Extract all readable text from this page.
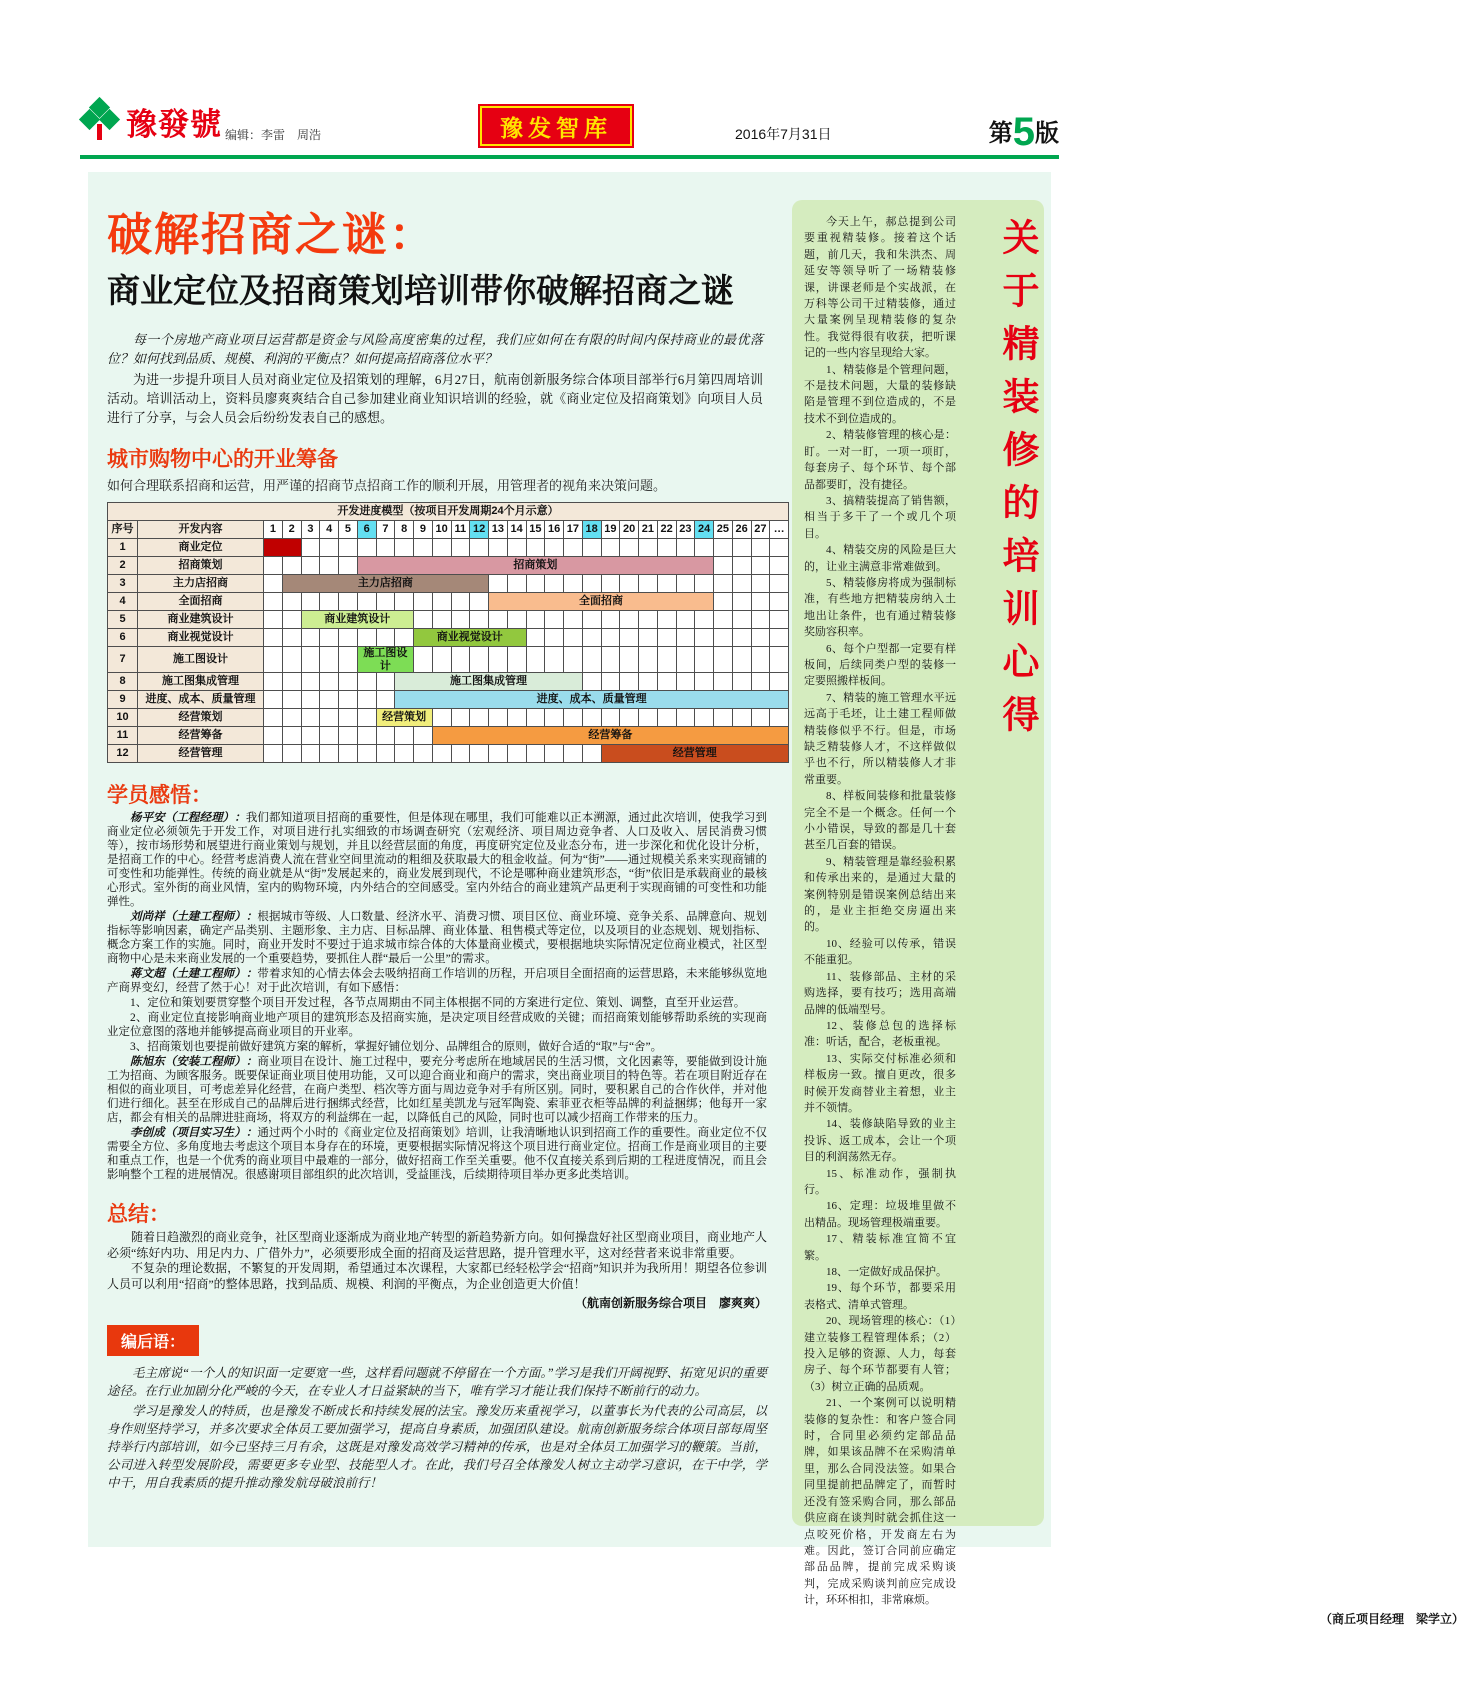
豫發號 编辑：李雷　周浩	豫发智库	2016年7月31日	第5版
破解招商之谜：
商业定位及招商策划培训带你破解招商之谜

每一个房地产商业项目运营都是资金与风险高度密集的过程，我们应如何在有限的时间内保持商业的最优落位？如何找到品质、规模、利润的平衡点？如何提高招商落位水平？

为进一步提升项目人员对商业定位及招策划的理解，6月27日，航南创新服务综合体项目部举行6月第四周培训活动。培训活动上，资料员廖爽爽结合自己参加建业商业知识培训的经验，就《商业定位及招商策划》向项目人员进行了分享，与会人员会后纷纷发表自己的感想。

城市购物中心的开业筹备

如何合理联系招商和运营，用严谨的招商节点招商工作的顺利开展，用管理者的视角来决策问题。

开发进度模型（按项目开发周期24个月示意）																													
序号	开发内容	1	2	3	4	5	6	7	8	9	10	11	12	13	14	15	16	17	18	19	20	21	22	23	24	25	26	27	…
1	商业定位																												
2	招商策划						招商策划																						
3	主力店招商		主力店招商																										
4	全面招商													全面招商															
5	商业建筑设计			商业建筑设计																									
6	商业视觉设计									商业视觉设计																			
7	施工图设计						施工图设计																						
8	施工图集成管理								施工图集成管理																				
9	进度、成本、质量管理								进度、成本、质量管理																				
10	经营策划							经营策划																					
11	经营筹备										经营筹备																		
12	经营管理																			经营管理									
学员感悟：

杨平安（工程经理）：我们都知道项目招商的重要性，但是体现在哪里，我们可能难以正本溯源，通过此次培训，使我学习到商业定位必须领先于开发工作，对项目进行扎实细致的市场调查研究（宏观经济、项目周边竞争者、人口及收入、居民消费习惯等），按市场形势和展望进行商业策划与规划，并且以经营层面的角度，再度研究定位及业态分布，进一步深化和优化设计分析，是招商工作的中心。经营考虑消费人流在营业空间里流动的粗细及获取最大的租金收益。何为“街”——通过规模关系来实现商铺的可变性和功能弹性。传统的商业就是从“街”发展起来的，商业发展到现代，不论是哪种商业建筑形态，“街”依旧是承载商业的最核心形式。室外街的商业风情，室内的购物环境，内外结合的空间感受。室内外结合的商业建筑产品更利于实现商铺的可变性和功能弹性。

刘尚祥（土建工程师）：根据城市等级、人口数量、经济水平、消费习惯、项目区位、商业环境、竞争关系、品牌意向、规划指标等影响因素，确定产品类别、主题形象、主力店、目标品牌、商业体量、租售模式等定位，以及项目的业态规划、规划指标、概念方案工作的实施。同时，商业开发时不要过于追求城市综合体的大体量商业模式，要根据地块实际情况定位商业模式，社区型商物中心是未来商业发展的一个重要趋势，要抓住人群“最后一公里”的需求。

蒋文超（土建工程师）：带着求知的心情去体会去吸纳招商工作培训的历程，开启项目全面招商的运营思路，未来能够纵览地产商界变幻，经营了然于心！对于此次培训，有如下感悟：

1、定位和策划要贯穿整个项目开发过程，各节点周期由不同主体根据不同的方案进行定位、策划、调整，直至开业运营。

2、商业定位直接影响商业地产项目的建筑形态及招商实施，是决定项目经营成败的关键；而招商策划能够帮助系统的实现商业定位意图的落地并能够提高商业项目的开业率。

3、招商策划也要提前做好建筑方案的解析，掌握好铺位划分、品牌组合的原则，做好合适的“取”与“舍”。

陈旭东（安装工程师）：商业项目在设计、施工过程中，要充分考虑所在地域居民的生活习惯，文化因素等，要能做到设计施工为招商、为顾客服务。既要保证商业项目使用功能，又可以迎合商业和商户的需求，突出商业项目的特色等。若在项目附近存在相似的商业项目，可考虑差异化经营，在商户类型、档次等方面与周边竞争对手有所区别。同时，要积累自己的合作伙伴，并对他们进行细化。甚至在形成自己的品牌后进行捆绑式经营，比如红星美凯龙与冠军陶瓷、索菲亚衣柜等品牌的利益捆绑；他每开一家店，都会有相关的品牌进驻商场，将双方的利益绑在一起，以降低自己的风险，同时也可以减少招商工作带来的压力。

李创成（项目实习生）：通过两个小时的《商业定位及招商策划》培训，让我清晰地认识到招商工作的重要性。商业定位不仅需要全方位、多角度地去考虑这个项目本身存在的环境，更要根据实际情况将这个项目进行商业定位。招商工作是商业项目的主要和重点工作，也是一个优秀的商业项目中最难的一部分，做好招商工作至关重要。他不仅直接关系到后期的工程进度情况，而且会影响整个工程的进展情况。很感谢项目部组织的此次培训，受益匪浅，后续期待项目举办更多此类培训。

总结：

随着日趋激烈的商业竞争，社区型商业逐渐成为商业地产转型的新趋势新方向。如何操盘好社区型商业项目，商业地产人必须“练好内功、用足内力、广借外力”，必须要形成全面的招商及运营思路，提升管理水平，这对经营者来说非常重要。

不复杂的理论数据，不繁复的开发周期，希望通过本次课程，大家都已经轻松学会“招商”知识并为我所用！期望各位参训人员可以利用“招商”的整体思路，找到品质、规模、利润的平衡点，为企业创造更大价值！

（航南创新服务综合项目　廖爽爽）

编后语：

毛主席说“一个人的知识面一定要宽一些，这样看问题就不停留在一个方面。”学习是我们开阔视野、拓宽见识的重要途径。在行业加剧分化严峻的今天，在专业人才日益紧缺的当下，唯有学习才能让我们保持不断前行的动力。

学习是豫发人的特质，也是豫发不断成长和持续发展的法宝。豫发历来重视学习，以董事长为代表的公司高层，以身作则坚持学习，并多次要求全体员工要加强学习，提高自身素质，加强团队建设。航南创新服务综合体项目部每周坚持举行内部培训，如今已坚持三月有余，这既是对豫发高效学习精神的传承，也是对全体员工加强学习的鞭策。当前，公司进入转型发展阶段，需要更多专业型、技能型人才。在此，我们号召全体豫发人树立主动学习意识，在干中学，学中干，用自我素质的提升推动豫发航母破浪前行！

今天上午，郝总提到公司要重视精装修。接着这个话题，前几天，我和朱洪杰、周延安等领导听了一场精装修课，讲课老师是个实战派，在万科等公司干过精装修，通过大量案例呈现精装修的复杂性。我觉得很有收获，把听课记的一些内容呈现给大家。

1、精装修是个管理问题，不是技术问题，大量的装修缺陷是管理不到位造成的，不是技术不到位造成的。

2、精装修管理的核心是：盯。一对一盯，一项一项盯，每套房子、每个环节、每个部品都要盯，没有捷径。

3、搞精装提高了销售额，相当于多干了一个或几个项目。

4、精装交房的风险是巨大的，让业主满意非常难做到。

5、精装修房将成为强制标准，有些地方把精装房纳入土地出让条件，也有通过精装修奖励容积率。

6、每个户型都一定要有样板间，后续同类户型的装修一定要照搬样板间。

7、精装的施工管理水平远远高于毛坯，让土建工程师做精装修似乎不行。但是，市场缺乏精装修人才，不这样做似乎也不行，所以精装修人才非常重要。

8、样板间装修和批量装修完全不是一个概念。任何一个小小错误，导致的都是几十套甚至几百套的错误。

9、精装管理是靠经验积累和传承出来的，是通过大量的案例特别是错误案例总结出来的，是业主拒绝交房逼出来的。

10、经验可以传承，错误不能重犯。

11、装修部品、主材的采购选择，要有技巧；选用高端品牌的低端型号。

12、装修总包的选择标准：听话，配合，老板重视。

13、实际交付标准必须和样板房一致。擅自更改，很多时候开发商替业主着想，业主并不领情。

14、装修缺陷导致的业主投诉、返工成本，会让一个项目的利润荡然无存。

15、标准动作，强制执行。

16、定理：垃圾堆里做不出精品。现场管理极端重要。

17、精装标准宜简不宜繁。

18、一定做好成品保护。

19、每个环节，都要采用表格式、清单式管理。

20、现场管理的核心：（1）建立装修工程管理体系；（2）投入足够的资源、人力，每套房子、每个环节都要有人管；（3）树立正确的品质观。

21、一个案例可以说明精装修的复杂性：和客户签合同时，合同里必须约定部品品牌，如果该品牌不在采购清单里，那么合同没法签。如果合同里提前把品牌定了，而暂时还没有签采购合同，那么部品供应商在谈判时就会抓住这一点咬死价格，开发商左右为难。因此，签订合同前应确定部品品牌，提前完成采购谈判，完成采购谈判前应完成设计，环环相扣，非常麻烦。

（商丘项目经理　梁学立）

关于精装修的培训心得
